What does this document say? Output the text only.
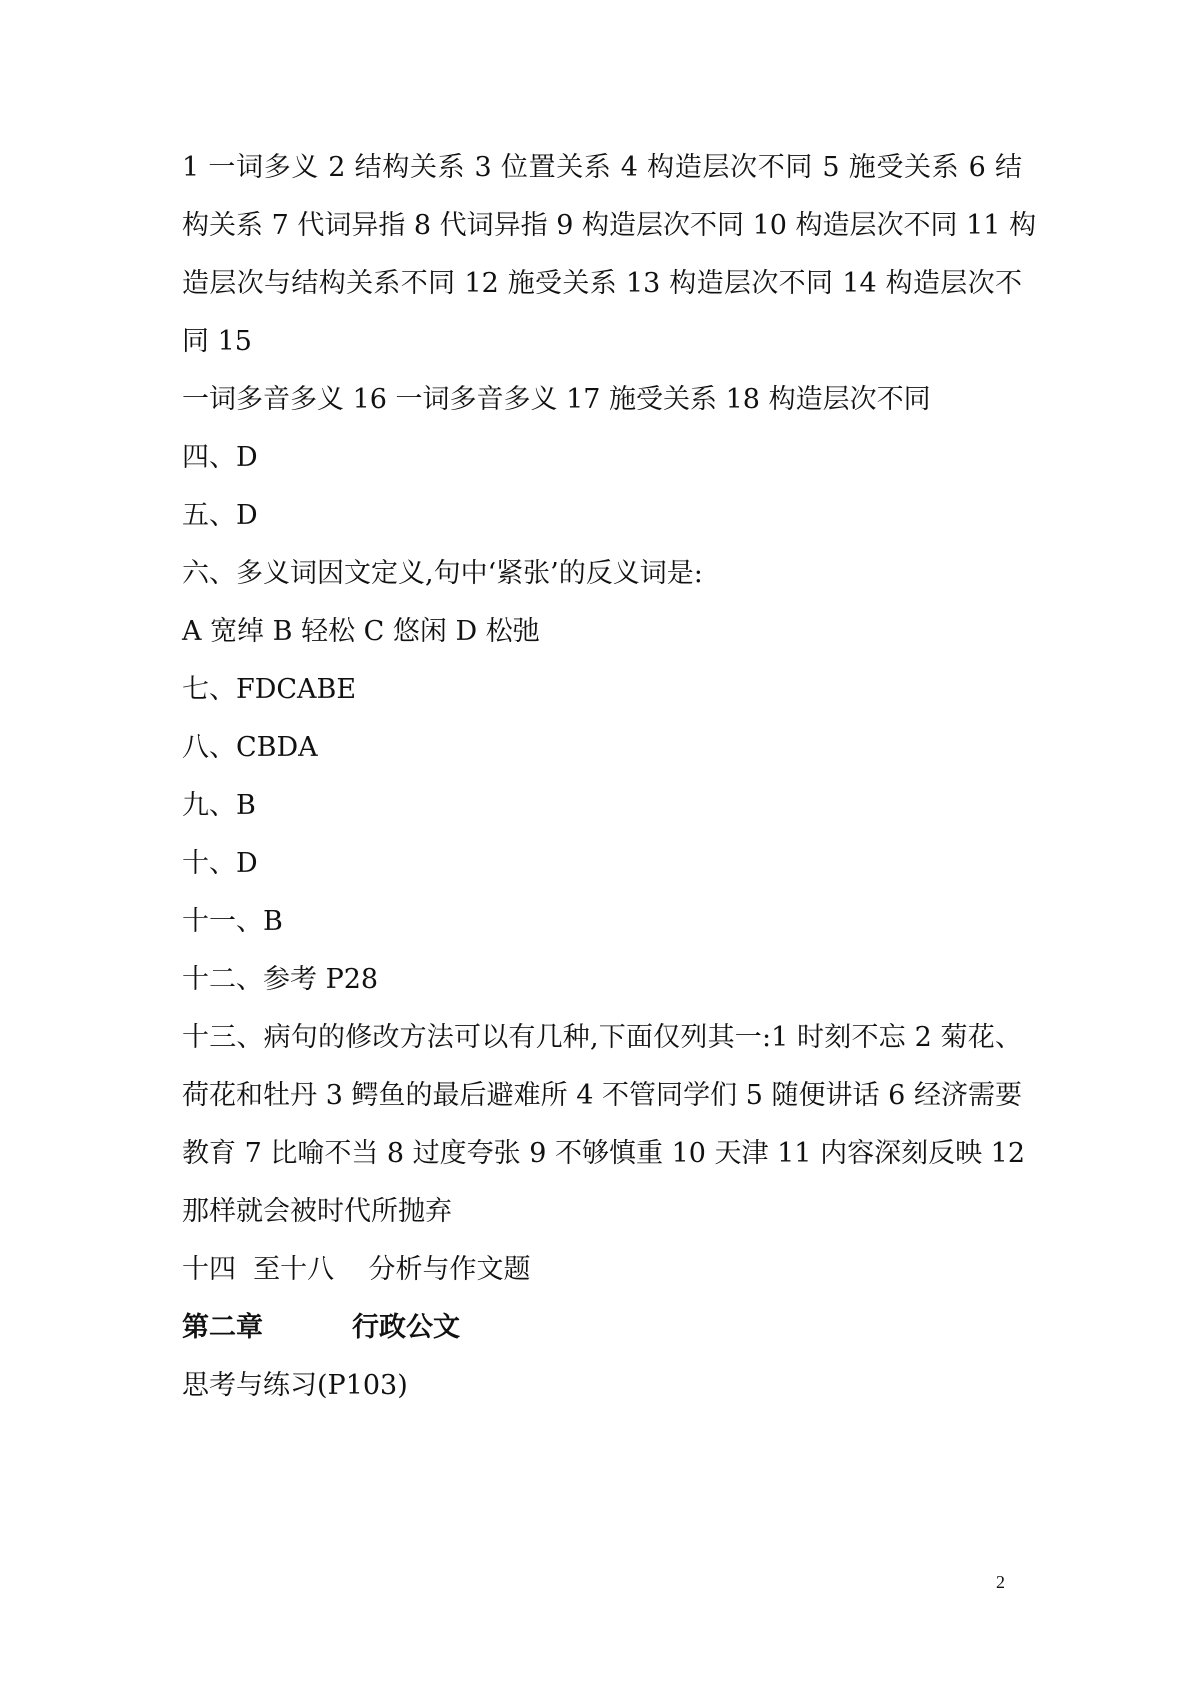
1 一词多义 2 结构关系 3 位置关系 4 构造层次不同 5 施受关系 6 结
构关系 7 代词异指 8 代词异指 9 构造层次不同 10 构造层次不同 11 构
造层次与结构关系不同 12 施受关系 13 构造层次不同 14 构造层次不
同 15
一词多音多义 16 一词多音多义 17 施受关系 18 构造层次不同
四、D
五、D
六、多义词因文定义,句中‘紧张’的反义词是:
A 宽绰 B 轻松 C 悠闲 D 松弛
七、FDCABE
八、CBDA
九、B
十、D
十一、B
十二、参考 P28
十三、病句的修改方法可以有几种,下面仅列其一:1 时刻不忘 2 菊花、
荷花和牡丹 3 鳄鱼的最后避难所 4 不管同学们 5 随便讲话 6 经济需要
教育 7 比喻不当 8 过度夸张 9 不够慎重 10 天津 11 内容深刻反映 12
那样就会被时代所抛弃
十四  至十八    分析与作文题
第二章	行政公文
思考与练习(P103)
2
